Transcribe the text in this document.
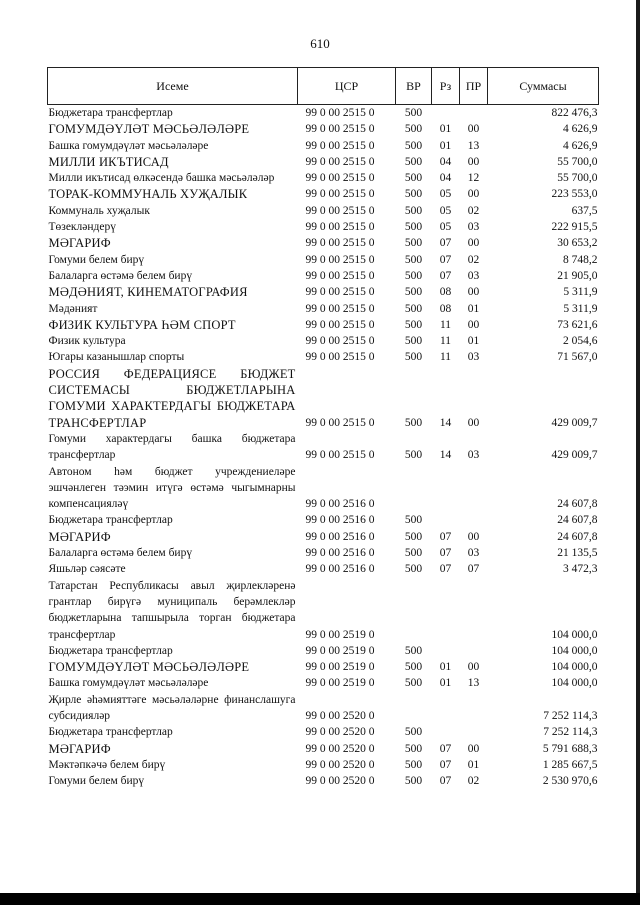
610
Исеме	ЦСР	ВР	Рз	ПР	Суммасы
Бюджетара трансфертлар	99 0 00 2515 0	500			822 476,3
ГОМУМДӘҮЛӘТ МӘСЬӘЛӘЛӘРЕ	99 0 00 2515 0	500	01	00	4 626,9
Башка гомумдәүләт мәсьәләләре	99 0 00 2515 0	500	01	13	4 626,9
МИЛЛИ ИКЪТИСАД	99 0 00 2515 0	500	04	00	55 700,0
Милли икътисад өлкәсендә башка мәсьәләләр	99 0 00 2515 0	500	04	12	55 700,0
ТОРАК-КОММУНАЛЬ ХУҖАЛЫК	99 0 00 2515 0	500	05	00	223 553,0
Коммуналь хуҗалык	99 0 00 2515 0	500	05	02	637,5
Төзекләндерү	99 0 00 2515 0	500	05	03	222 915,5
МӘГАРИФ	99 0 00 2515 0	500	07	00	30 653,2
Гомуми белем бирү	99 0 00 2515 0	500	07	02	8 748,2
Балаларга өстәмә белем бирү	99 0 00 2515 0	500	07	03	21 905,0
МӘДӘНИЯТ, КИНЕМАТОГРАФИЯ	99 0 00 2515 0	500	08	00	5 311,9
Мәдәният	99 0 00 2515 0	500	08	01	5 311,9
ФИЗИК КУЛЬТУРА ҺӘМ СПОРТ	99 0 00 2515 0	500	11	00	73 621,6
Физик культура	99 0 00 2515 0	500	11	01	2 054,6
Югары казанышлар спорты	99 0 00 2515 0	500	11	03	71 567,0
РОССИЯ ФЕДЕРАЦИЯСЕ БЮДЖЕТ СИСТЕМАСЫ БЮДЖЕТЛАРЫНА ГОМУМИ ХАРАКТЕРДАГЫ БЮДЖЕТАРА ТРАНСФЕРТЛАР	99 0 00 2515 0	500	14	00	429 009,7
Гомуми характердагы башка бюджетара трансфертлар	99 0 00 2515 0	500	14	03	429 009,7
Автоном һәм бюджет учреждениеләре эшчәнлеген тәэмин итүгә өстәмә чыгымнарны компенсацияләү	99 0 00 2516 0				24 607,8
Бюджетара трансфертлар	99 0 00 2516 0	500			24 607,8
МӘГАРИФ	99 0 00 2516 0	500	07	00	24 607,8
Балаларга өстәмә белем бирү	99 0 00 2516 0	500	07	03	21 135,5
Яшьләр сәясәте	99 0 00 2516 0	500	07	07	3 472,3
Татарстан Республикасы авыл җирлекләренә грантлар бирүгә муниципаль берәмлекләр бюджетларына тапшырыла торган бюджетара трансфертлар	99 0 00 2519 0				104 000,0
Бюджетара трансфертлар	99 0 00 2519 0	500			104 000,0
ГОМУМДӘҮЛӘТ МӘСЬӘЛӘЛӘРЕ	99 0 00 2519 0	500	01	00	104 000,0
Башка гомумдәүләт мәсьәләләре	99 0 00 2519 0	500	01	13	104 000,0
Җирле әһәмияттәге мәсьәләләрне финанслашуга субсидияләр	99 0 00 2520 0				7 252 114,3
Бюджетара трансфертлар	99 0 00 2520 0	500			7 252 114,3
МӘГАРИФ	99 0 00 2520 0	500	07	00	5 791 688,3
Мәктәпкәчә белем бирү	99 0 00 2520 0	500	07	01	1 285 667,5
Гомуми белем бирү	99 0 00 2520 0	500	07	02	2 530 970,6
